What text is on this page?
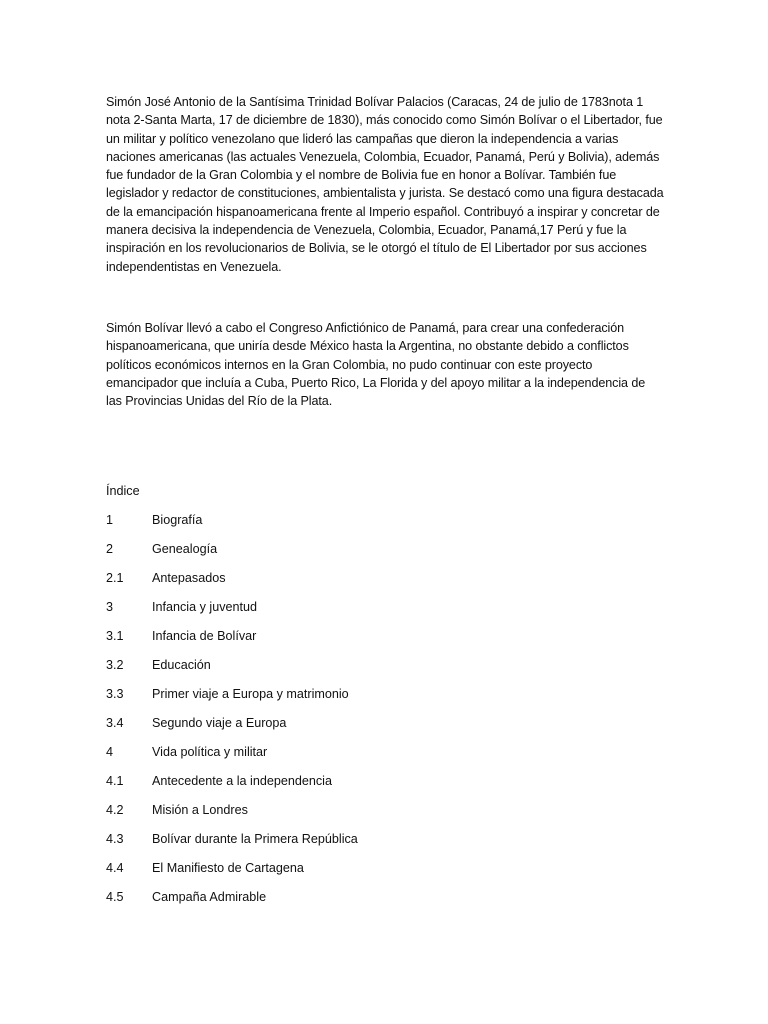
Simón José Antonio de la Santísima Trinidad Bolívar Palacios (Caracas, 24 de julio de 1783nota 1 nota 2-Santa Marta, 17 de diciembre de 1830), más conocido como Simón Bolívar o el Libertador, fue un militar y político venezolano que lideró las campañas que dieron la independencia a varias naciones americanas (las actuales Venezuela, Colombia, Ecuador, Panamá, Perú y Bolivia), además fue fundador de la Gran Colombia y el nombre de Bolivia fue en honor a Bolívar. También fue legislador y redactor de constituciones, ambientalista y jurista. Se destacó como una figura destacada de la emancipación hispanoamericana frente al Imperio español. Contribuyó a inspirar y concretar de manera decisiva la independencia de Venezuela, Colombia, Ecuador, Panamá,17 Perú y fue la inspiración en los revolucionarios de Bolivia, se le otorgó el título de El Libertador por sus acciones independentistas en Venezuela.

Simón Bolívar llevó a cabo el Congreso Anfictiónico de Panamá, para crear una confederación hispanoamericana, que uniría desde México hasta la Argentina, no obstante debido a conflictos políticos económicos internos en la Gran Colombia, no pudo continuar con este proyecto emancipador que incluía a Cuba, Puerto Rico, La Florida y del apoyo militar a la independencia de las Provincias Unidas del Río de la Plata.

Índice
1	Biografía
2	Genealogía
2.1 Antepasados
3	Infancia y juventud
3.1 Infancia de Bolívar
3.2 Educación
3.3 Primer viaje a Europa y matrimonio
3.4 Segundo viaje a Europa
4	Vida política y militar
4.1 Antecedente a la independencia
4.2 Misión a Londres
4.3 Bolívar durante la Primera República
4.4 El Manifiesto de Cartagena
4.5 Campaña Admirable
